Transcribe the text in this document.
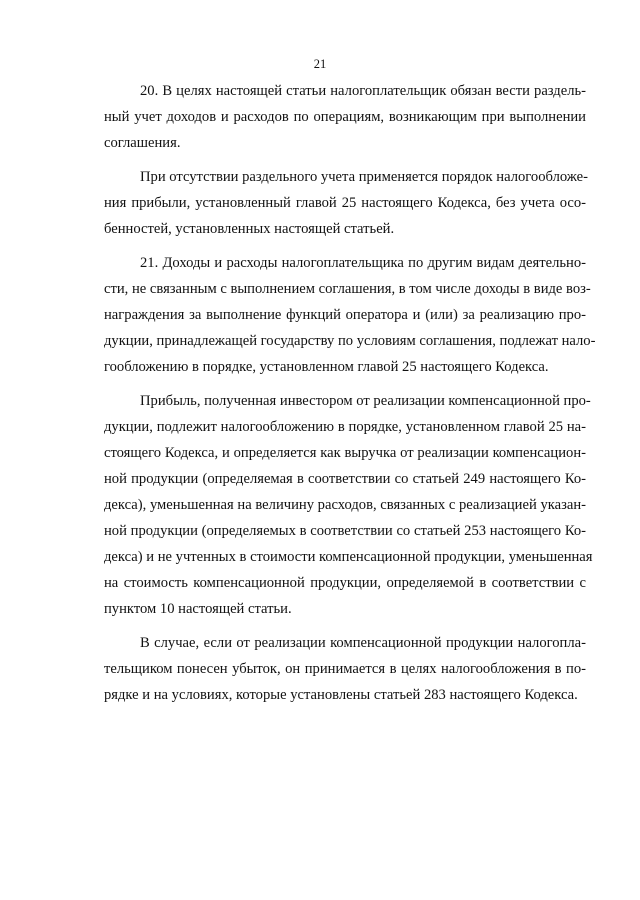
21

20. В целях настоящей статьи налогоплательщик обязан вести раздель-
ный учет доходов и расходов по операциям, возникающим при выполнении
соглашения.

При отсутствии раздельного учета применяется порядок налогообложе-
ния прибыли, установленный главой 25 настоящего Кодекса, без учета осо-
бенностей, установленных настоящей статьей.

21. Доходы и расходы налогоплательщика по другим видам деятельно-
сти, не связанным с выполнением соглашения, в том числе доходы в виде воз-
награждения за выполнение функций оператора и (или) за реализацию про-
дукции, принадлежащей государству по условиям соглашения, подлежат нало-
гообложению в порядке, установленном главой 25 настоящего Кодекса.

Прибыль, полученная инвестором от реализации компенсационной про-
дукции, подлежит налогообложению в порядке, установленном главой 25 на-
стоящего Кодекса, и определяется как выручка от реализации компенсацион-
ной продукции (определяемая в соответствии со статьей 249 настоящего Ко-
декса), уменьшенная на величину расходов, связанных с реализацией указан-
ной продукции (определяемых в соответствии со статьей 253 настоящего Ко-
декса) и не учтенных в стоимости компенсационной продукции, уменьшенная
на стоимость компенсационной продукции, определяемой в соответствии с
пунктом 10 настоящей статьи.

В случае, если от реализации компенсационной продукции налогопла-
тельщиком понесен убыток, он принимается в целях налогообложения в по-
рядке и на условиях, которые установлены статьей 283 настоящего Кодекса.
